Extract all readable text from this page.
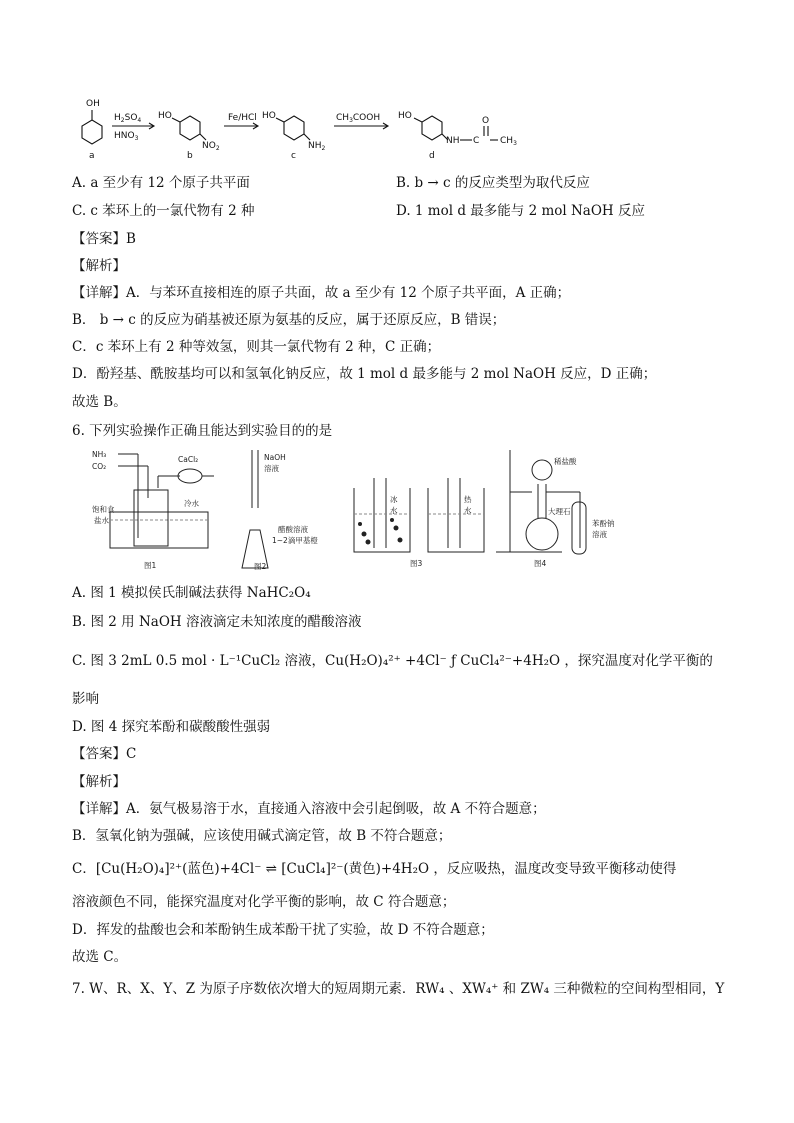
OH
a
$H_2SO_4$
$HNO_3$
HO
$NO_2$
b
Fe/HCl HO
$NH_2$
c
$CH_3COOH$ HO
NH C
O
$CH_3$
d
A. a 至少有 12 个原子共平面	B. b → c 的反应类型为取代反应
C. c 苯环上的一氯代物有 2 种	D. 1 mol d 最多能与 2 mol NaOH 反应
【答案】B
【解析】
【详解】A．与苯环直接相连的原子共面，故 a 至少有 12 个原子共平面，A 正确；
B． b → c 的反应为硝基被还原为氨基的反应，属于还原反应，B 错误；
C．c 苯环上有 2 种等效氢，则其一氯代物有 2 种，C 正确；
D．酚羟基、酰胺基均可以和氢氧化钠反应，故 1 mol d 最多能与 2 mol NaOH 反应，D 正确；
故选 B。
6. 下列实验操作正确且能达到实验目的的是
NH₃
CO₂
CaCl₂
饱和食
盐水
冷水
图1
NaOH
溶液
醋酸溶液
1~2滴甲基橙
图2
冰
水
热
水
图3
稀盐酸
大理石
苯酚钠
溶液
图4
A. 图 1 模拟侯氏制碱法获得 NaHC₂O₄
B. 图 2 用 NaOH 溶液滴定未知浓度的醋酸溶液
C. 图 3 2mL 0.5 mol · L⁻¹CuCl₂ 溶液，Cu(H₂O)₄²⁺ +4Cl⁻ ƒ CuCl₄²⁻+4H₂O ，探究温度对化学平衡的
影响
D. 图 4 探究苯酚和碳酸酸性强弱
【答案】C
【解析】
【详解】A．氨气极易溶于水，直接通入溶液中会引起倒吸，故 A 不符合题意；
B．氢氧化钠为强碱，应该使用碱式滴定管，故 B 不符合题意；
C．[Cu(H₂O)₄]²⁺(蓝色)+4Cl⁻ ⇌ [CuCl₄]²⁻(黄色)+4H₂O ，反应吸热，温度改变导致平衡移动使得
溶液颜色不同，能探究温度对化学平衡的影响，故 C 符合题意；
D．挥发的盐酸也会和苯酚钠生成苯酚干扰了实验，故 D 不符合题意；
故选 C。
7. W、R、X、Y、Z 为原子序数依次增大的短周期元素．RW₄ 、XW₄⁺ 和 ZW₄ 三种微粒的空间构型相同，Y
